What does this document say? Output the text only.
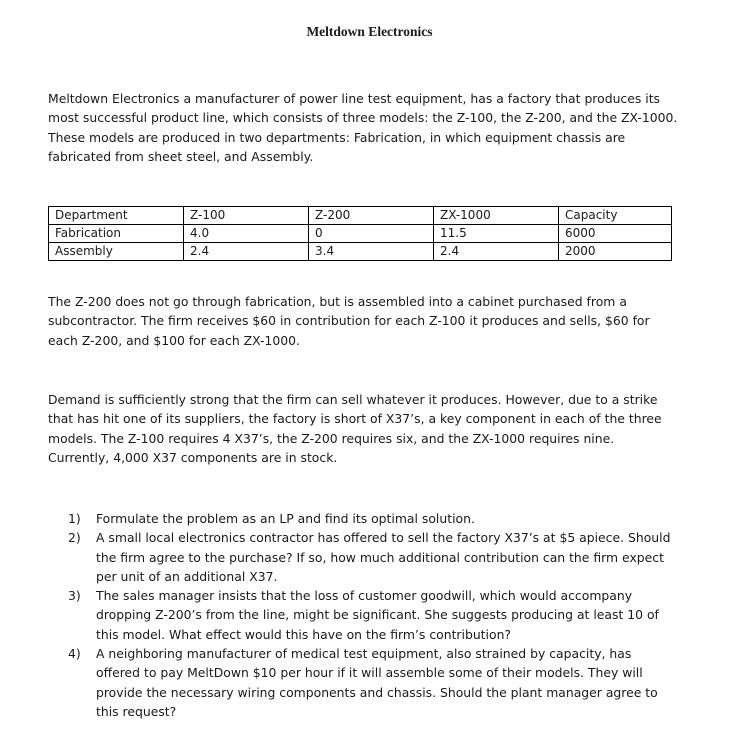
Meltdown Electronics

Meltdown Electronics a manufacturer of power line test equipment, has a factory that produces its most successful product line, which consists of three models: the Z-100, the Z-200, and the ZX-1000. These models are produced in two departments: Fabrication, in which equipment chassis are fabricated from sheet steel, and Assembly.

Department	Z-100	Z-200	ZX-1000	Capacity
Fabrication	4.0	0	11.5	6000
Assembly	2.4	3.4	2.4	2000

The Z-200 does not go through fabrication, but is assembled into a cabinet purchased from a subcontractor. The firm receives $60 in contribution for each Z-100 it produces and sells, $60 for each Z-200, and $100 for each ZX-1000.

Demand is sufficiently strong that the firm can sell whatever it produces. However, due to a strike that has hit one of its suppliers, the factory is short of X37’s, a key component in each of the three models. The Z-100 requires 4 X37’s, the Z-200 requires six, and the ZX-1000 requires nine. Currently, 4,000 X37 components are in stock.

1) Formulate the problem as an LP and find its optimal solution.
2) A small local electronics contractor has offered to sell the factory X37’s at $5 apiece. Should the firm agree to the purchase? If so, how much additional contribution can the firm expect per unit of an additional X37.
3) The sales manager insists that the loss of customer goodwill, which would accompany dropping Z-200’s from the line, might be significant. She suggests producing at least 10 of this model. What effect would this have on the firm’s contribution?
4) A neighboring manufacturer of medical test equipment, also strained by capacity, has offered to pay MeltDown $10 per hour if it will assemble some of their models. They will provide the necessary wiring components and chassis. Should the plant manager agree to this request?
